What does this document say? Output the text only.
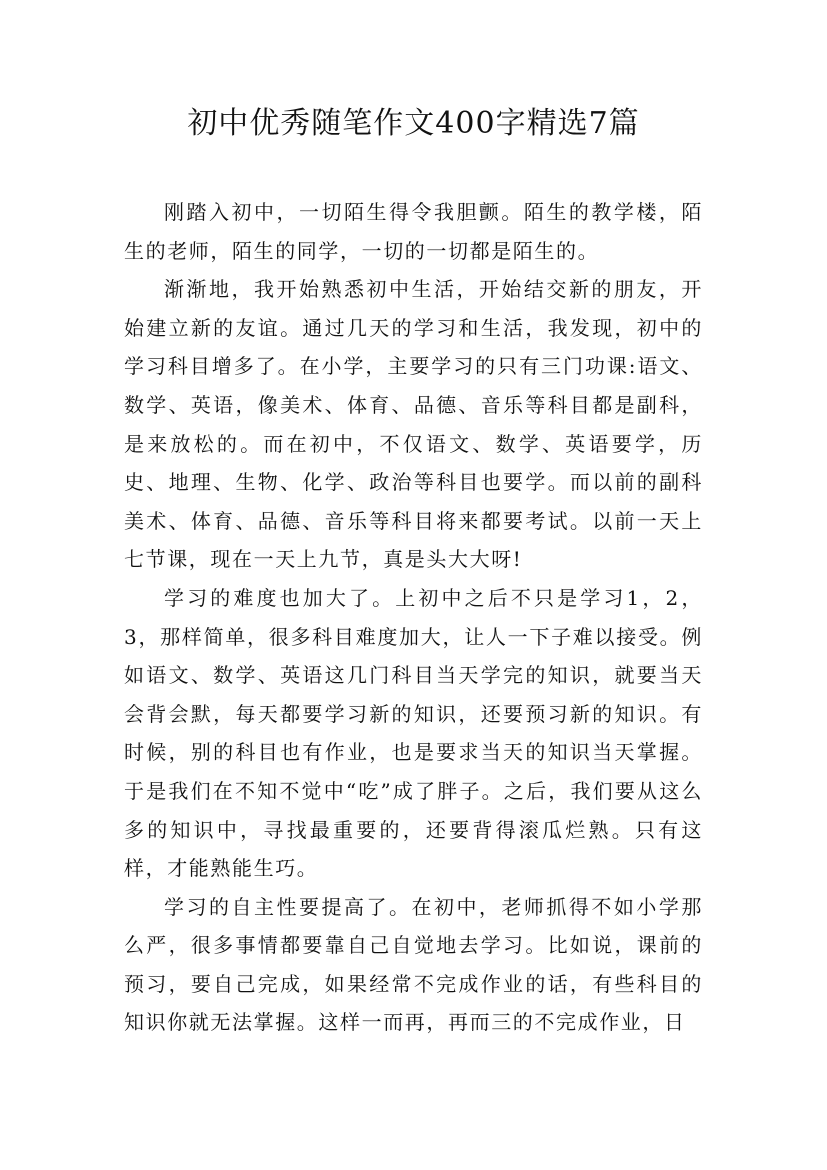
初中优秀随笔作文400字精选7篇

刚踏入初中，一切陌生得令我胆颤。陌生的教学楼，陌生的老师，陌生的同学，一切的一切都是陌生的。

渐渐地，我开始熟悉初中生活，开始结交新的朋友，开始建立新的友谊。通过几天的学习和生活，我发现，初中的学习科目增多了。在小学，主要学习的只有三门功课:语文、数学、英语，像美术、体育、品德、音乐等科目都是副科，是来放松的。而在初中，不仅语文、数学、英语要学，历史、地理、生物、化学、政治等科目也要学。而以前的副科美术、体育、品德、音乐等科目将来都要考试。以前一天上七节课，现在一天上九节，真是头大大呀!

学习的难度也加大了。上初中之后不只是学习1，2，3，那样简单，很多科目难度加大，让人一下子难以接受。例如语文、数学、英语这几门科目当天学完的知识，就要当天会背会默，每天都要学习新的知识，还要预习新的知识。有时候，别的科目也有作业，也是要求当天的知识当天掌握。于是我们在不知不觉中“吃”成了胖子。之后，我们要从这么多的知识中，寻找最重要的，还要背得滚瓜烂熟。只有这样，才能熟能生巧。

学习的自主性要提高了。在初中，老师抓得不如小学那么严，很多事情都要靠自己自觉地去学习。比如说，课前的预习，要自己完成，如果经常不完成作业的话，有些科目的知识你就无法掌握。这样一而再，再而三的不完成作业，日
